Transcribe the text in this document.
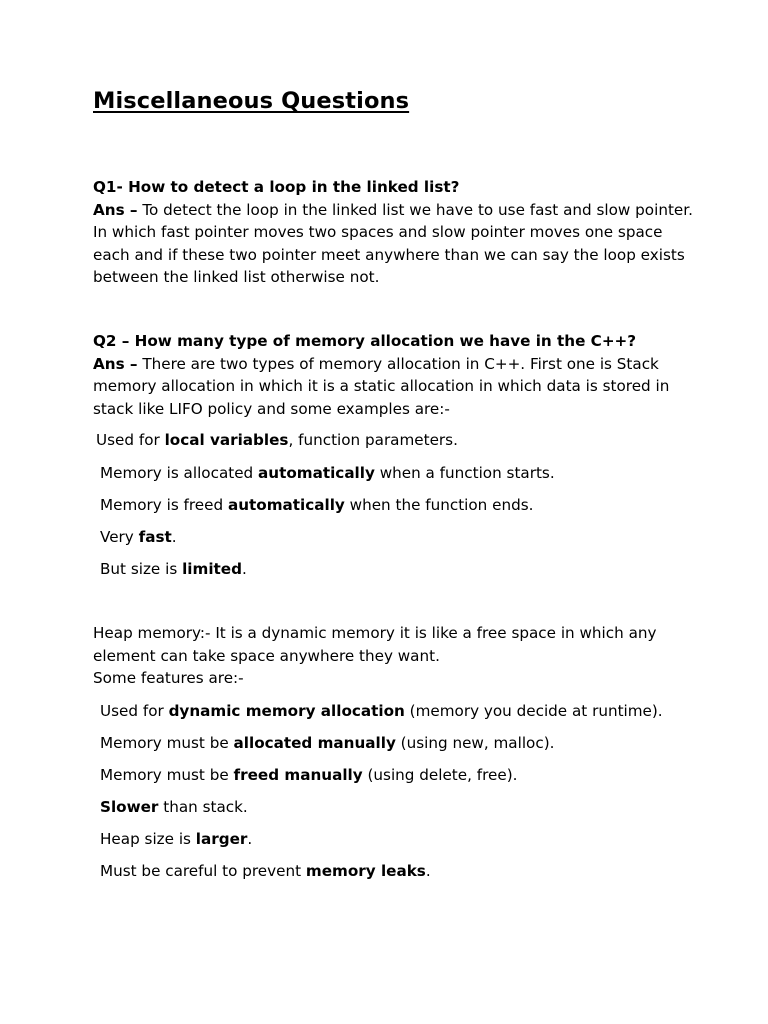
Miscellaneous Questions

Q1- How to detect a loop in the linked list?

Ans – To detect the loop in the linked list we have to use fast and slow pointer. In which fast pointer moves two spaces and slow pointer moves one space each and if these two pointer meet anywhere than we can say the loop exists between the linked list otherwise not.

Q2 – How many type of memory allocation we have in the C++?

Ans – There are two types of memory allocation in C++. First one is Stack memory allocation in which it is a static allocation in which data is stored in stack like LIFO policy and some examples are:-

Used for local variables, function parameters.
Memory is allocated automatically when a function starts.
Memory is freed automatically when the function ends.
Very fast.
But size is limited.

Heap memory:- It is a dynamic memory it is like a free space in which any element can take space anywhere they want.

Some features are:-

Used for dynamic memory allocation (memory you decide at runtime).
Memory must be allocated manually (using new, malloc).
Memory must be freed manually (using delete, free).
Slower than stack.
Heap size is larger.
Must be careful to prevent memory leaks.
